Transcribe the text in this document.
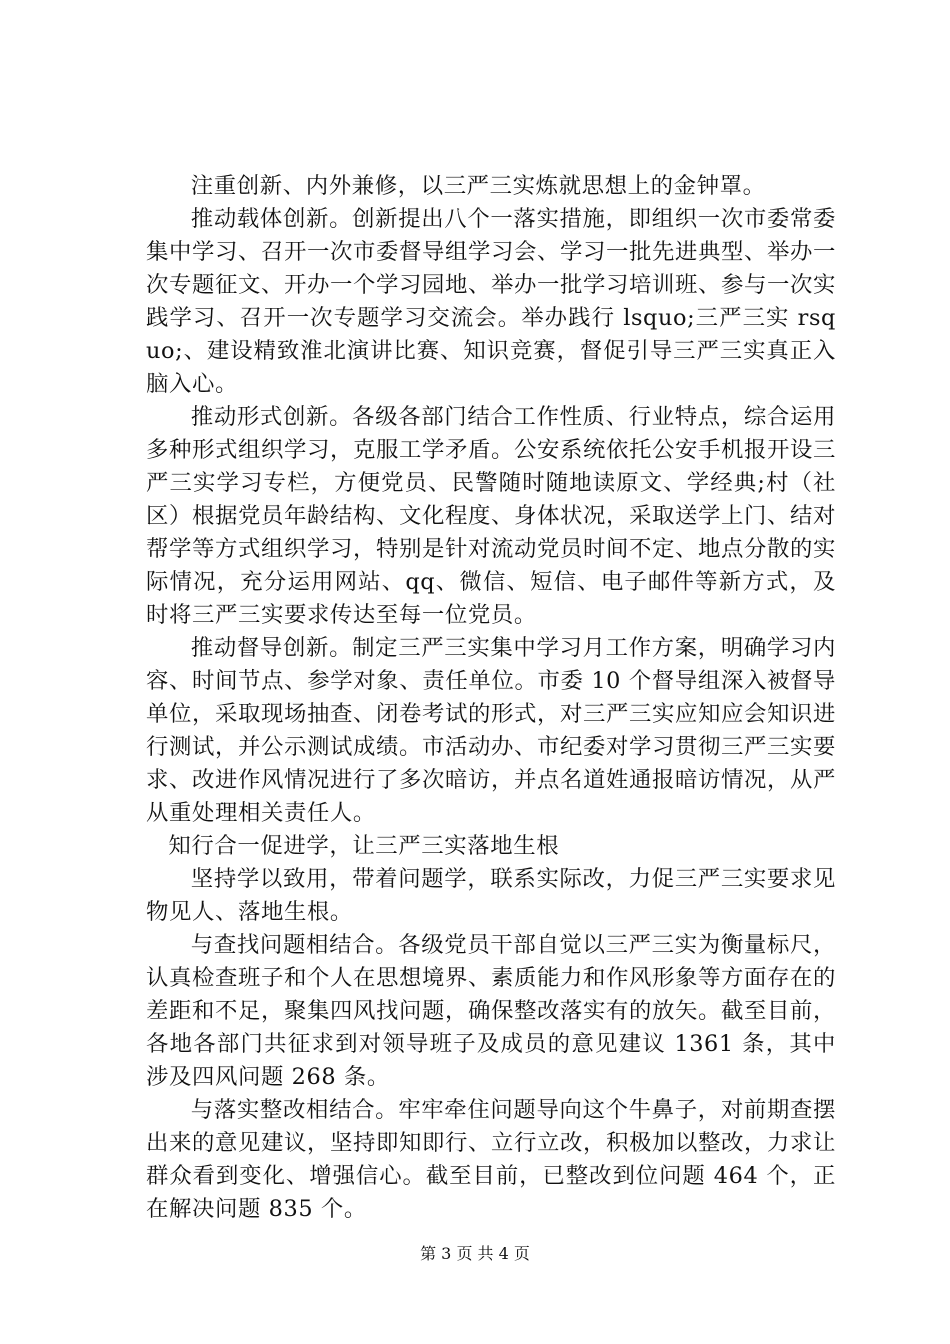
注重创新、内外兼修，以三严三实炼就思想上的金钟罩。

推动载体创新。创新提出八个一落实措施，即组织一次市委常委集中学习、召开一次市委督导组学习会、学习一批先进典型、举办一次专题征文、开办一个学习园地、举办一批学习培训班、参与一次实践学习、召开一次专题学习交流会。举办践行 lsquo;三严三实 rsquo;、建设精致淮北演讲比赛、知识竞赛，督促引导三严三实真正入脑入心。

推动形式创新。各级各部门结合工作性质、行业特点，综合运用多种形式组织学习，克服工学矛盾。公安系统依托公安手机报开设三严三实学习专栏，方便党员、民警随时随地读原文、学经典;村（社区）根据党员年龄结构、文化程度、身体状况，采取送学上门、结对帮学等方式组织学习，特别是针对流动党员时间不定、地点分散的实际情况，充分运用网站、qq、微信、短信、电子邮件等新方式，及时将三严三实要求传达至每一位党员。

推动督导创新。制定三严三实集中学习月工作方案，明确学习内容、时间节点、参学对象、责任单位。市委 10 个督导组深入被督导单位，采取现场抽查、闭卷考试的形式，对三严三实应知应会知识进行测试，并公示测试成绩。市活动办、市纪委对学习贯彻三严三实要求、改进作风情况进行了多次暗访，并点名道姓通报暗访情况，从严从重处理相关责任人。

知行合一促进学，让三严三实落地生根

坚持学以致用，带着问题学，联系实际改，力促三严三实要求见物见人、落地生根。

与查找问题相结合。各级党员干部自觉以三严三实为衡量标尺，认真检查班子和个人在思想境界、素质能力和作风形象等方面存在的差距和不足，聚集四风找问题，确保整改落实有的放矢。截至目前，各地各部门共征求到对领导班子及成员的意见建议 1361 条，其中涉及四风问题 268 条。

与落实整改相结合。牢牢牵住问题导向这个牛鼻子，对前期查摆出来的意见建议，坚持即知即行、立行立改，积极加以整改，力求让群众看到变化、增强信心。截至目前，已整改到位问题 464 个，正在解决问题 835 个。

第 3 页 共 4 页
